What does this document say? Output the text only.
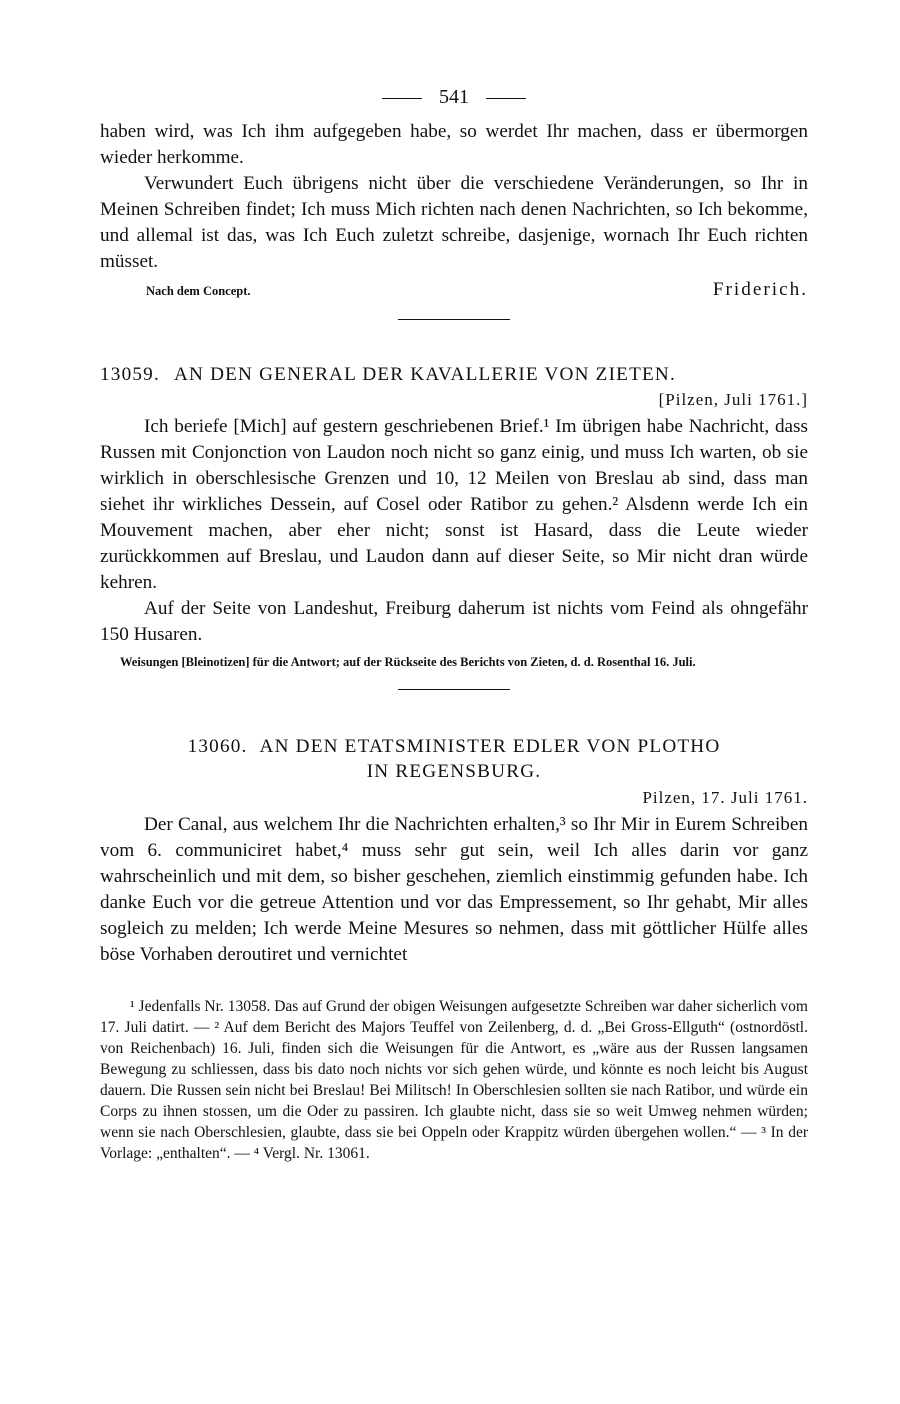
541

haben wird, was Ich ihm aufgegeben habe, so werdet Ihr machen, dass er übermorgen wieder herkomme.

Verwundert Euch übrigens nicht über die verschiedene Veränderungen, so Ihr in Meinen Schreiben findet; Ich muss Mich richten nach denen Nachrichten, so Ich bekomme, und allemal ist das, was Ich Euch zuletzt schreibe, dasjenige, wornach Ihr Euch richten müsset.

Nach dem Concept.	Friderich.
13059. AN DEN GENERAL DER KAVALLERIE VON ZIETEN.
[Pilzen, Juli 1761.]

Ich beriefe [Mich] auf gestern geschriebenen Brief.¹ Im übrigen habe Nachricht, dass Russen mit Conjonction von Laudon noch nicht so ganz einig, und muss Ich warten, ob sie wirklich in oberschlesische Grenzen und 10, 12 Meilen von Breslau ab sind, dass man siehet ihr wirkliches Dessein, auf Cosel oder Ratibor zu gehen.² Alsdenn werde Ich ein Mouvement machen, aber eher nicht; sonst ist Hasard, dass die Leute wieder zurückkommen auf Breslau, und Laudon dann auf dieser Seite, so Mir nicht dran würde kehren.

Auf der Seite von Landeshut, Freiburg daherum ist nichts vom Feind als ohngefähr 150 Husaren.

Weisungen [Bleinotizen] für die Antwort; auf der Rückseite des Berichts von Zieten, d. d. Rosenthal 16. Juli.
13060. AN DEN ETATSMINISTER EDLER VON PLOTHO
IN REGENSBURG.
Pilzen, 17. Juli 1761.

Der Canal, aus welchem Ihr die Nachrichten erhalten,³ so Ihr Mir in Eurem Schreiben vom 6. communiciret habet,⁴ muss sehr gut sein, weil Ich alles darin vor ganz wahrscheinlich und mit dem, so bisher geschehen, ziemlich einstimmig gefunden habe. Ich danke Euch vor die getreue Attention und vor das Empressement, so Ihr gehabt, Mir alles sogleich zu melden; Ich werde Meine Mesures so nehmen, dass mit göttlicher Hülfe alles böse Vorhaben deroutiret und vernichtet

¹ Jedenfalls Nr. 13058. Das auf Grund der obigen Weisungen aufgesetzte Schreiben war daher sicherlich vom 17. Juli datirt. — ² Auf dem Bericht des Majors Teuffel von Zeilenberg, d. d. „Bei Gross-Ellguth“ (ostnordöstl. von Reichenbach) 16. Juli, finden sich die Weisungen für die Antwort, es „wäre aus der Russen langsamen Bewegung zu schliessen, dass bis dato noch nichts vor sich gehen würde, und könnte es noch leicht bis August dauern. Die Russen sein nicht bei Breslau! Bei Militsch! In Oberschlesien sollten sie nach Ratibor, und würde ein Corps zu ihnen stossen, um die Oder zu passiren. Ich glaubte nicht, dass sie so weit Umweg nehmen würden; wenn sie nach Oberschlesien, glaubte, dass sie bei Oppeln oder Krappitz würden übergehen wollen.“ — ³ In der Vorlage: „enthalten“. — ⁴ Vergl. Nr. 13061.
